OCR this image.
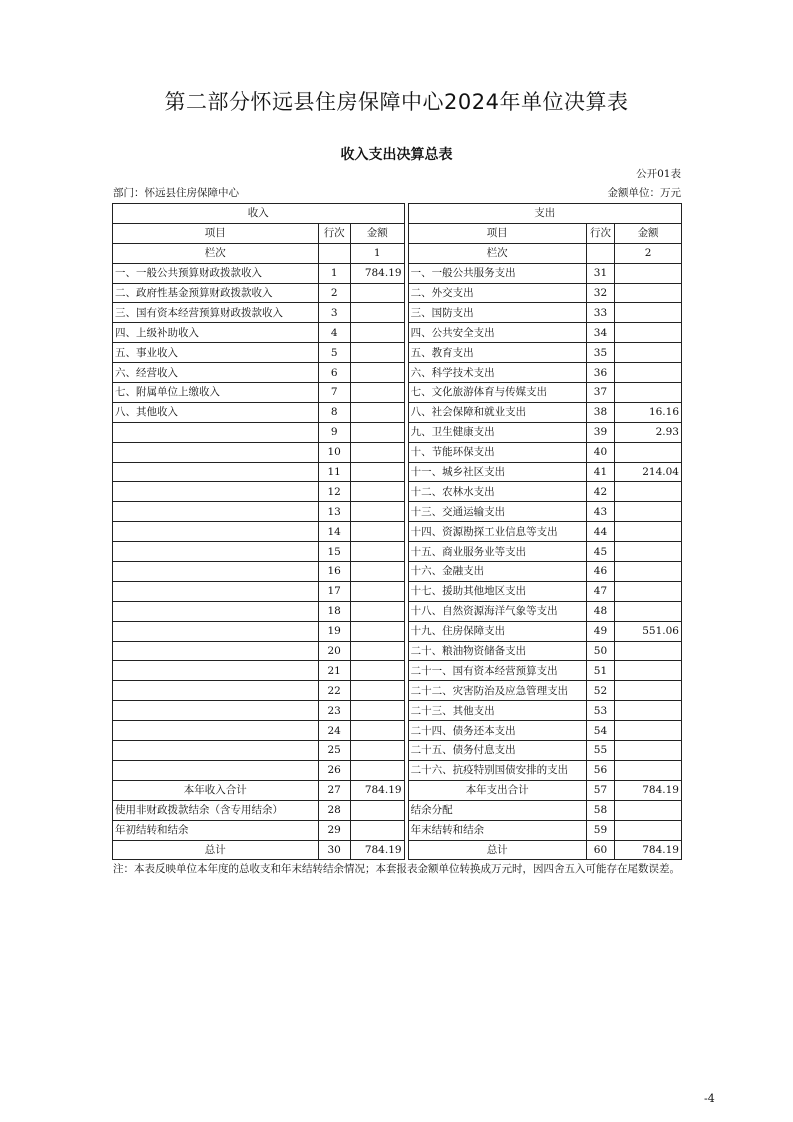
第二部分怀远县住房保障中心2024年单位决算表
收入支出决算总表
公开01表
部门：怀远县住房保障中心	金额单位：万元
收入				支出		
项目	行次	金额		项目	行次	金额
栏次		1		栏次		2
一、一般公共预算财政拨款收入	1	784.19		一、一般公共服务支出	31	
二、政府性基金预算财政拨款收入	2			二、外交支出	32	
三、国有资本经营预算财政拨款收入	3			三、国防支出	33	
四、上级补助收入	4			四、公共安全支出	34	
五、事业收入	5			五、教育支出	35	
六、经营收入	6			六、科学技术支出	36	
七、附属单位上缴收入	7			七、文化旅游体育与传媒支出	37	
八、其他收入	8			八、社会保障和就业支出	38	16.16
	9			九、卫生健康支出	39	2.93
	10			十、节能环保支出	40	
	11			十一、城乡社区支出	41	214.04
	12			十二、农林水支出	42	
	13			十三、交通运输支出	43	
	14			十四、资源勘探工业信息等支出	44	
	15			十五、商业服务业等支出	45	
	16			十六、金融支出	46	
	17			十七、援助其他地区支出	47	
	18			十八、自然资源海洋气象等支出	48	
	19			十九、住房保障支出	49	551.06
	20			二十、粮油物资储备支出	50	
	21			二十一、国有资本经营预算支出	51	
	22			二十二、灾害防治及应急管理支出	52	
	23			二十三、其他支出	53	
	24			二十四、债务还本支出	54	
	25			二十五、债务付息支出	55	
	26			二十六、抗疫特别国债安排的支出	56	
本年收入合计	27	784.19		本年支出合计	57	784.19
使用非财政拨款结余（含专用结余）	28			结余分配	58	
年初结转和结余	29			年末结转和结余	59	
总计	30	784.19		总计	60	784.19
注：本表反映单位本年度的总收支和年末结转结余情况；本套报表金额单位转换成万元时，因四舍五入可能存在尾数误差。
-4
